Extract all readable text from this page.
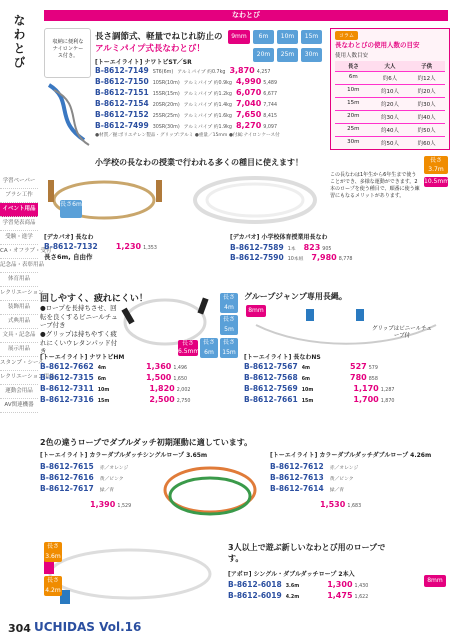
なわとび
学習ペーパー
ブラシ工作
イベント用品
学習発表商品
受験・進学
CA・オフラブ・受付
記念品・表彰用品
体育用品
レクリエーション
装飾用品
式典用品
文具・記念品
展示用品
スタンプ・シール
レクリエーション用品
運動会用品
AV関連機器
なわとび
収納に便利なナイロンケース付き。
長さ調節式、軽量でねじれ防止の
アルミパイプ式長なわとび！
[トーエイライト] ナワトビST／SR
9mm	6m	10m	15m
20m	25m	30m
B-8612-7149 ST6(6m) アルミパイプ 約0.7kg 3,870 4,257
B-8612-7150 10SR(10m) アルミパイプ 約0.9kg 4,990 5,489
B-8612-7151 15SR(15m) アルミパイプ 約1.2kg 6,070 6,677
B-8612-7154 20SR(20m) アルミパイプ 約1.4kg 7,040 7,744
B-8612-7152 25SR(25m) アルミパイプ 約1.6kg 7,650 8,415
B-8612-7499 30SR(30m) アルミパイプ 約1.9kg 8,270 9,097
●材質／握:ポリエチレン製品・グリップ:アルミ ●重量／15mm ●付属:ナイロンケース付
コラム
長なわとびの使用人数の目安
使用人数目安
長さ	大人	子供
6m	約6人	約12人
10m	約10人	約20人
15m	約20人	約30人
20m	約30人	約40人
25m	約40人	約50人
30m	約50人	約60人
小学校の長なわの授業で行われる多くの種目に使えます！	長さ3.7m
10.5mm
この長なわは1年生から6年生まで使うことができ、多様な運動ができます。2本のロープを使う種目で、順番に使う練習にもなるメリットがあります。
長さ6m
[デカパオ] 長なわ
B-8612-7132 1,230 1,353
長さ6m, 自由作
[デカパオ] 小学校体育授業用長なわ
B-8612-7589 1本 823 905
B-8612-7590 10本組 7,980 8,778
回しやすく、疲れにくい！
●ロープを長持ちさせ、回転を良くするビニールチューブ付き
●グリップは持ちやすく疲れにくいウレタンパッド付き
長さ4m
長さ5m
長さ6m
長さ15m
長さ6.5mm
[トーエイライト] ナワトビHM
B-8612-7662 4m	1,360 1,496
B-8612-7315 6m	1,500 1,650
B-8612-7311 10m	1,820 2,002
B-8612-7316 15m	2,500 2,750
グループジャンプ専用長縄。
8mm
グリップはビニールチューブ付
[トーエイライト] 長なわNS
B-8612-7567 4m	527 579
B-8612-7568 6m	780 858
B-8612-7569 10m	1,170 1,287
B-8612-7661 15m	1,700 1,870
2色の違うロープでダブルダッチ初期運動に適しています。
[トーエイライト] カラーダブルダッチシングルロープ 3.65m
B-8612-7615 赤／オレンジ
B-8612-7616 黄／ピンク
B-8612-7617 緑／青
1,390 1,529
[トーエイライト] カラーダブルダッチダブルロープ 4.26m
B-8612-7612 赤／オレンジ
B-8612-7613 黄／ピンク
B-8612-7614 緑／青
1,530 1,683
長さ3.6m
長さ4.2m
3人以上で遊ぶ新しいなわとび用のロープです。
8mm
[アポロ] シングル・ダブルダッチロープ 2本入
B-8612-6018 3.6m	1,300 1,430
B-8612-6019 4.2m	1,475 1,622
304 UCHIDAS Vol.16
